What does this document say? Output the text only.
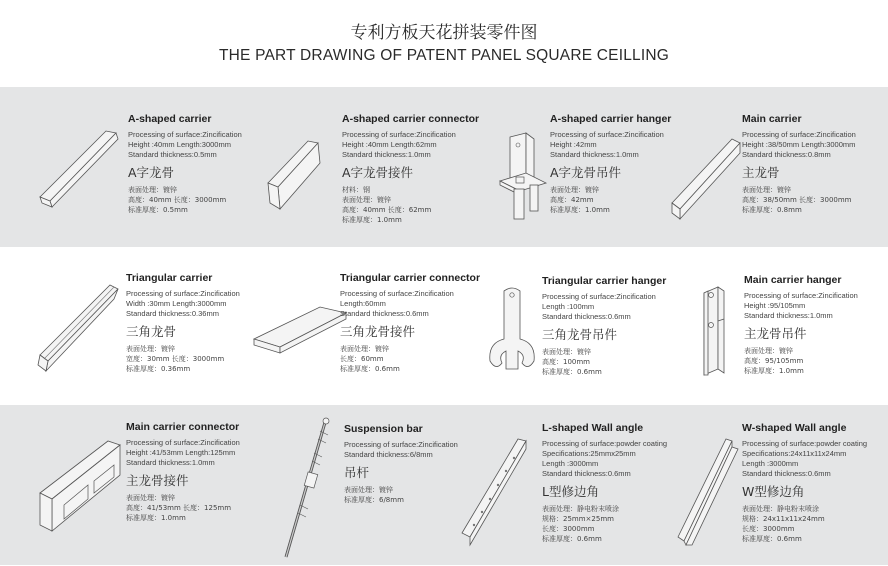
专利方板天花拼装零件图
THE PART DRAWING OF PATENT PANEL SQUARE CEILLING
A-shaped carrier
Processing of surface:Zincification
Height :40mm Length:3000mm
Standard thickness:0.5mm
A字龙骨
表面处理：镀锌
高度：40mm 长度：3000mm
标准厚度：0.5mm
A-shaped carrier connector
Processing of surface:Zincification
Height :40mm Length:62mm
Standard thickness:1.0mm
A字龙骨接件
材料：钢
表面处理：镀锌
高度：40mm 长度：62mm
标准厚度：1.0mm
A-shaped carrier hanger
Processing of surface:Zincification
Height :42mm
Standard thickness:1.0mm
A字龙骨吊件
表面处理：镀锌
高度：42mm
标准厚度：1.0mm
Main carrier
Processing of surface:Zincification
Height :38/50mm Length:3000mm
Standard thickness:0.8mm
主龙骨
表面处理：镀锌
高度：38/50mm 长度：3000mm
标准厚度：0.8mm
Triangular carrier
Processing of surface:Zincification
Width :30mm Length:3000mm
Standard thickness:0.36mm
三角龙骨
表面处理：镀锌
宽度：30mm 长度：3000mm
标准厚度：0.36mm
Triangular carrier connector
Processing of surface:Zincification
Length:60mm
Standard thickness:0.6mm
三角龙骨接件
表面处理：镀锌
长度：60mm
标准厚度：0.6mm
Triangular carrier hanger
Processing of surface:Zincification
Length :100mm
Standard thickness:0.6mm
三角龙骨吊件
表面处理：镀锌
高度：100mm
标准厚度：0.6mm
Main carrier hanger
Processing of surface:Zincification
Height :95/105mm
Standard thickness:1.0mm
主龙骨吊件
表面处理：镀锌
高度：95/105mm
标准厚度：1.0mm
Main carrier connector
Processing of surface:Zincification
Height :41/53mm Length:125mm
Standard thickness:1.0mm
主龙骨接件
表面处理：镀锌
高度：41/53mm 长度：125mm
标准厚度：1.0mm
Suspension bar
Processing of surface:Zincification
Standard thickness:6/8mm
吊杆
表面处理：镀锌
标准厚度：6/8mm
L-shaped Wall angle
Processing of surface:powder coating
Specifications:25mmx25mm
Length :3000mm
Standard thickness:0.6mm
L型修边角
表面处理：静电粉末喷涂
规格：25mm×25mm
长度：3000mm
标准厚度：0.6mm
W-shaped Wall angle
Processing of surface:powder coating
Specifications:24x11x11x24mm
Length :3000mm
Standard thickness:0.6mm
W型修边角
表面处理：静电粉末喷涂
规格：24x11x11x24mm
长度：3000mm
标准厚度：0.6mm
